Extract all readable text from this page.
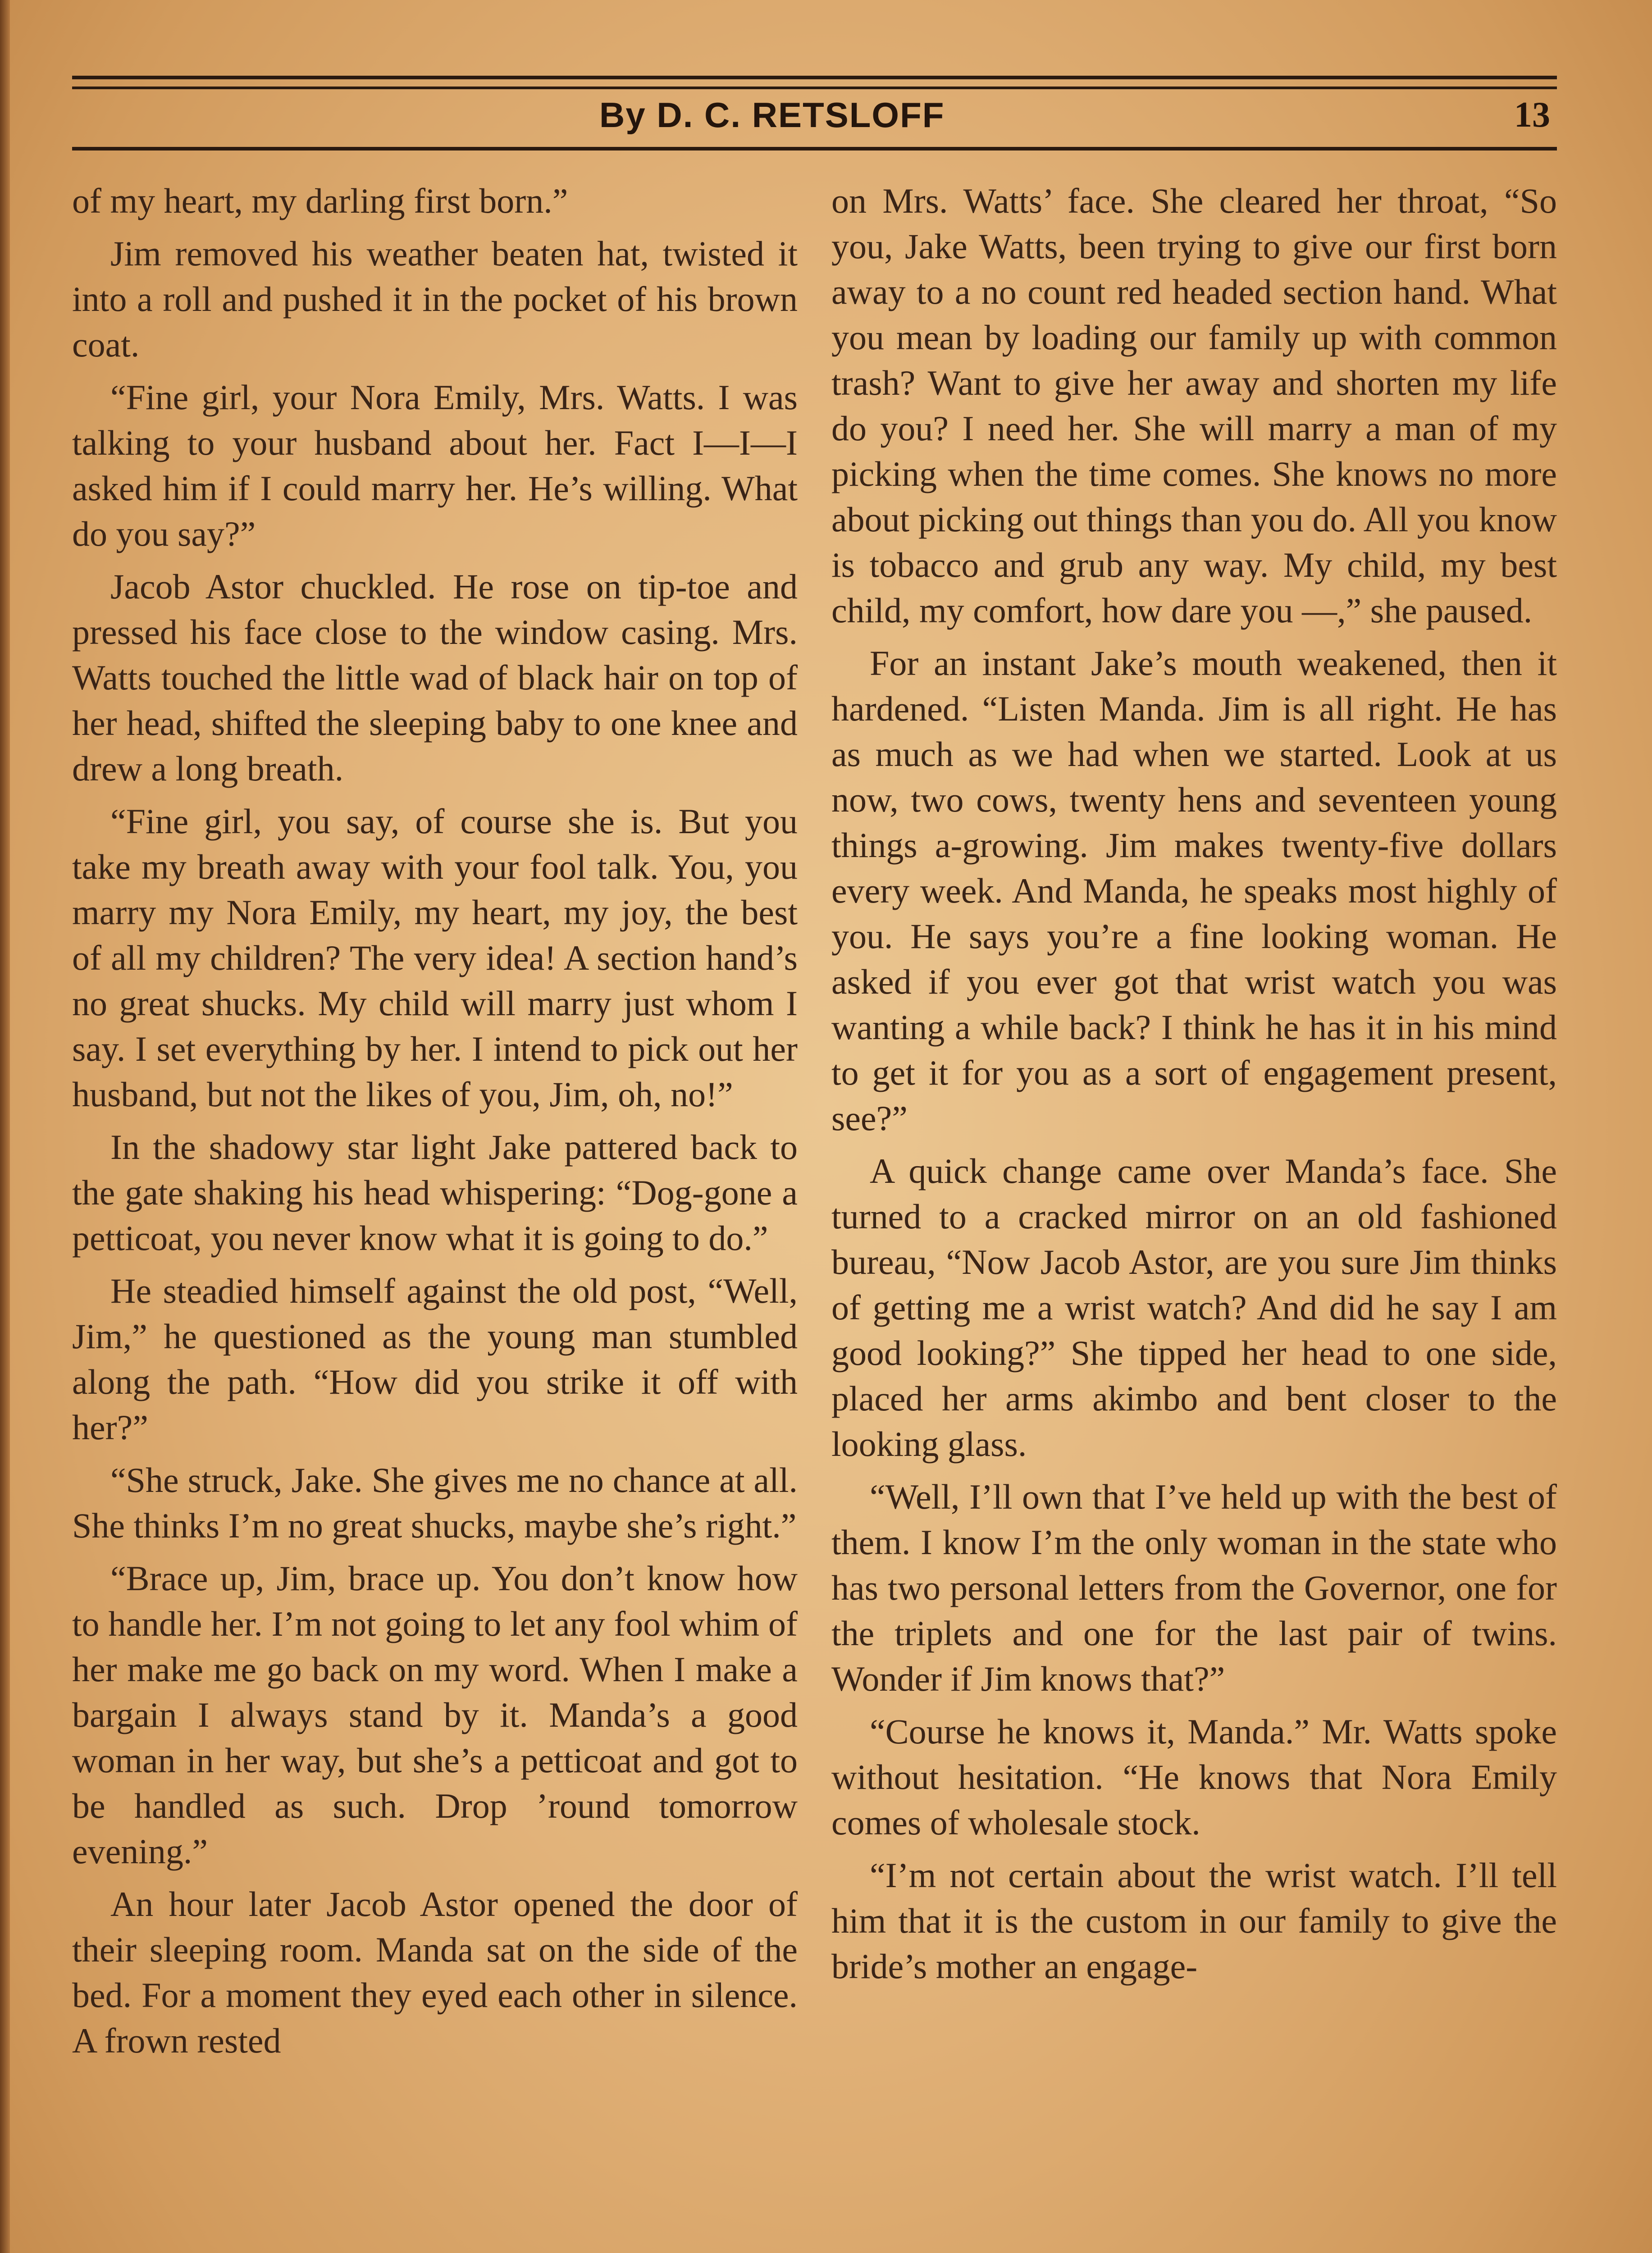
By D. C. RETSLOFF	13

of my heart, my darling first born.”

Jim removed his weather beaten hat, twisted it into a roll and pushed it in the pocket of his brown coat.

“Fine girl, your Nora Emily, Mrs. Watts. I was talking to your husband about her. Fact I—I—I asked him if I could marry her. He’s willing. What do you say?”

Jacob Astor chuckled. He rose on tip-toe and pressed his face close to the window casing. Mrs. Watts touched the little wad of black hair on top of her head, shifted the sleeping baby to one knee and drew a long breath.

“Fine girl, you say, of course she is. But you take my breath away with your fool talk. You, you marry my Nora Emily, my heart, my joy, the best of all my children? The very idea! A section hand’s no great shucks. My child will marry just whom I say. I set everything by her. I intend to pick out her husband, but not the likes of you, Jim, oh, no!”

In the shadowy star light Jake pattered back to the gate shaking his head whispering: “Dog-gone a petticoat, you never know what it is going to do.”

He steadied himself against the old post, “Well, Jim,” he questioned as the young man stumbled along the path. “How did you strike it off with her?”

“She struck, Jake. She gives me no chance at all. She thinks I’m no great shucks, maybe she’s right.”

“Brace up, Jim, brace up. You don’t know how to handle her. I’m not going to let any fool whim of her make me go back on my word. When I make a bargain I always stand by it. Manda’s a good woman in her way, but she’s a petticoat and got to be handled as such. Drop ’round tomorrow evening.”

An hour later Jacob Astor opened the door of their sleeping room. Manda sat on the side of the bed. For a moment they eyed each other in silence. A frown rested

on Mrs. Watts’ face. She cleared her throat, “So you, Jake Watts, been trying to give our first born away to a no count red headed section hand. What you mean by loading our family up with common trash? Want to give her away and shorten my life do you? I need her. She will marry a man of my picking when the time comes. She knows no more about picking out things than you do. All you know is tobacco and grub any way. My child, my best child, my comfort, how dare you —,” she paused.

For an instant Jake’s mouth weakened, then it hardened. “Listen Manda. Jim is all right. He has as much as we had when we started. Look at us now, two cows, twenty hens and seventeen young things a-growing. Jim makes twenty-five dollars every week. And Manda, he speaks most highly of you. He says you’re a fine looking woman. He asked if you ever got that wrist watch you was wanting a while back? I think he has it in his mind to get it for you as a sort of engagement present, see?”

A quick change came over Manda’s face. She turned to a cracked mirror on an old fashioned bureau, “Now Jacob Astor, are you sure Jim thinks of getting me a wrist watch? And did he say I am good looking?” She tipped her head to one side, placed her arms akimbo and bent closer to the looking glass.

“Well, I’ll own that I’ve held up with the best of them. I know I’m the only woman in the state who has two personal letters from the Governor, one for the triplets and one for the last pair of twins. Wonder if Jim knows that?”

“Course he knows it, Manda.” Mr. Watts spoke without hesitation. “He knows that Nora Emily comes of wholesale stock.

“I’m not certain about the wrist watch. I’ll tell him that it is the custom in our family to give the bride’s mother an engage-
